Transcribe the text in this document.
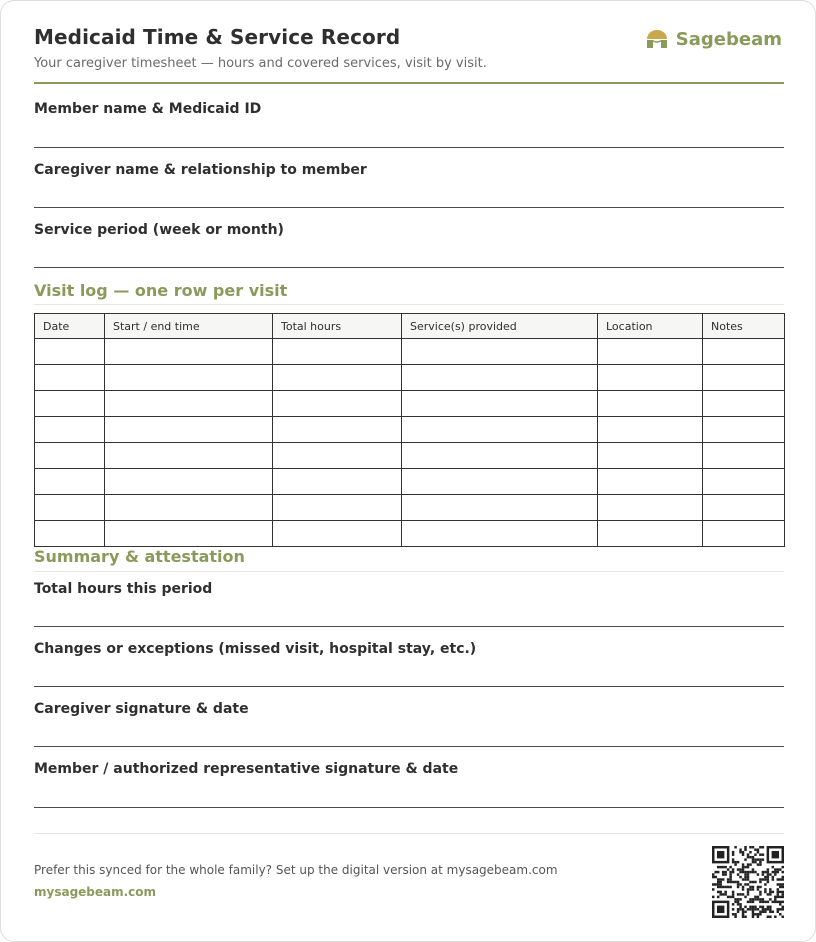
Medicaid Time & Service Record
Your caregiver timesheet — hours and covered services, visit by visit.
Sagebeam
Member name & Medicaid ID
Caregiver name & relationship to member
Service period (week or month)
Visit log — one row per visit
Date	Start / end time	Total hours	Service(s) provided	Location	Notes

Summary & attestation
Total hours this period
Changes or exceptions (missed visit, hospital stay, etc.)
Caregiver signature & date
Member / authorized representative signature & date
Prefer this synced for the whole family? Set up the digital version at mysagebeam.com
mysagebeam.com
